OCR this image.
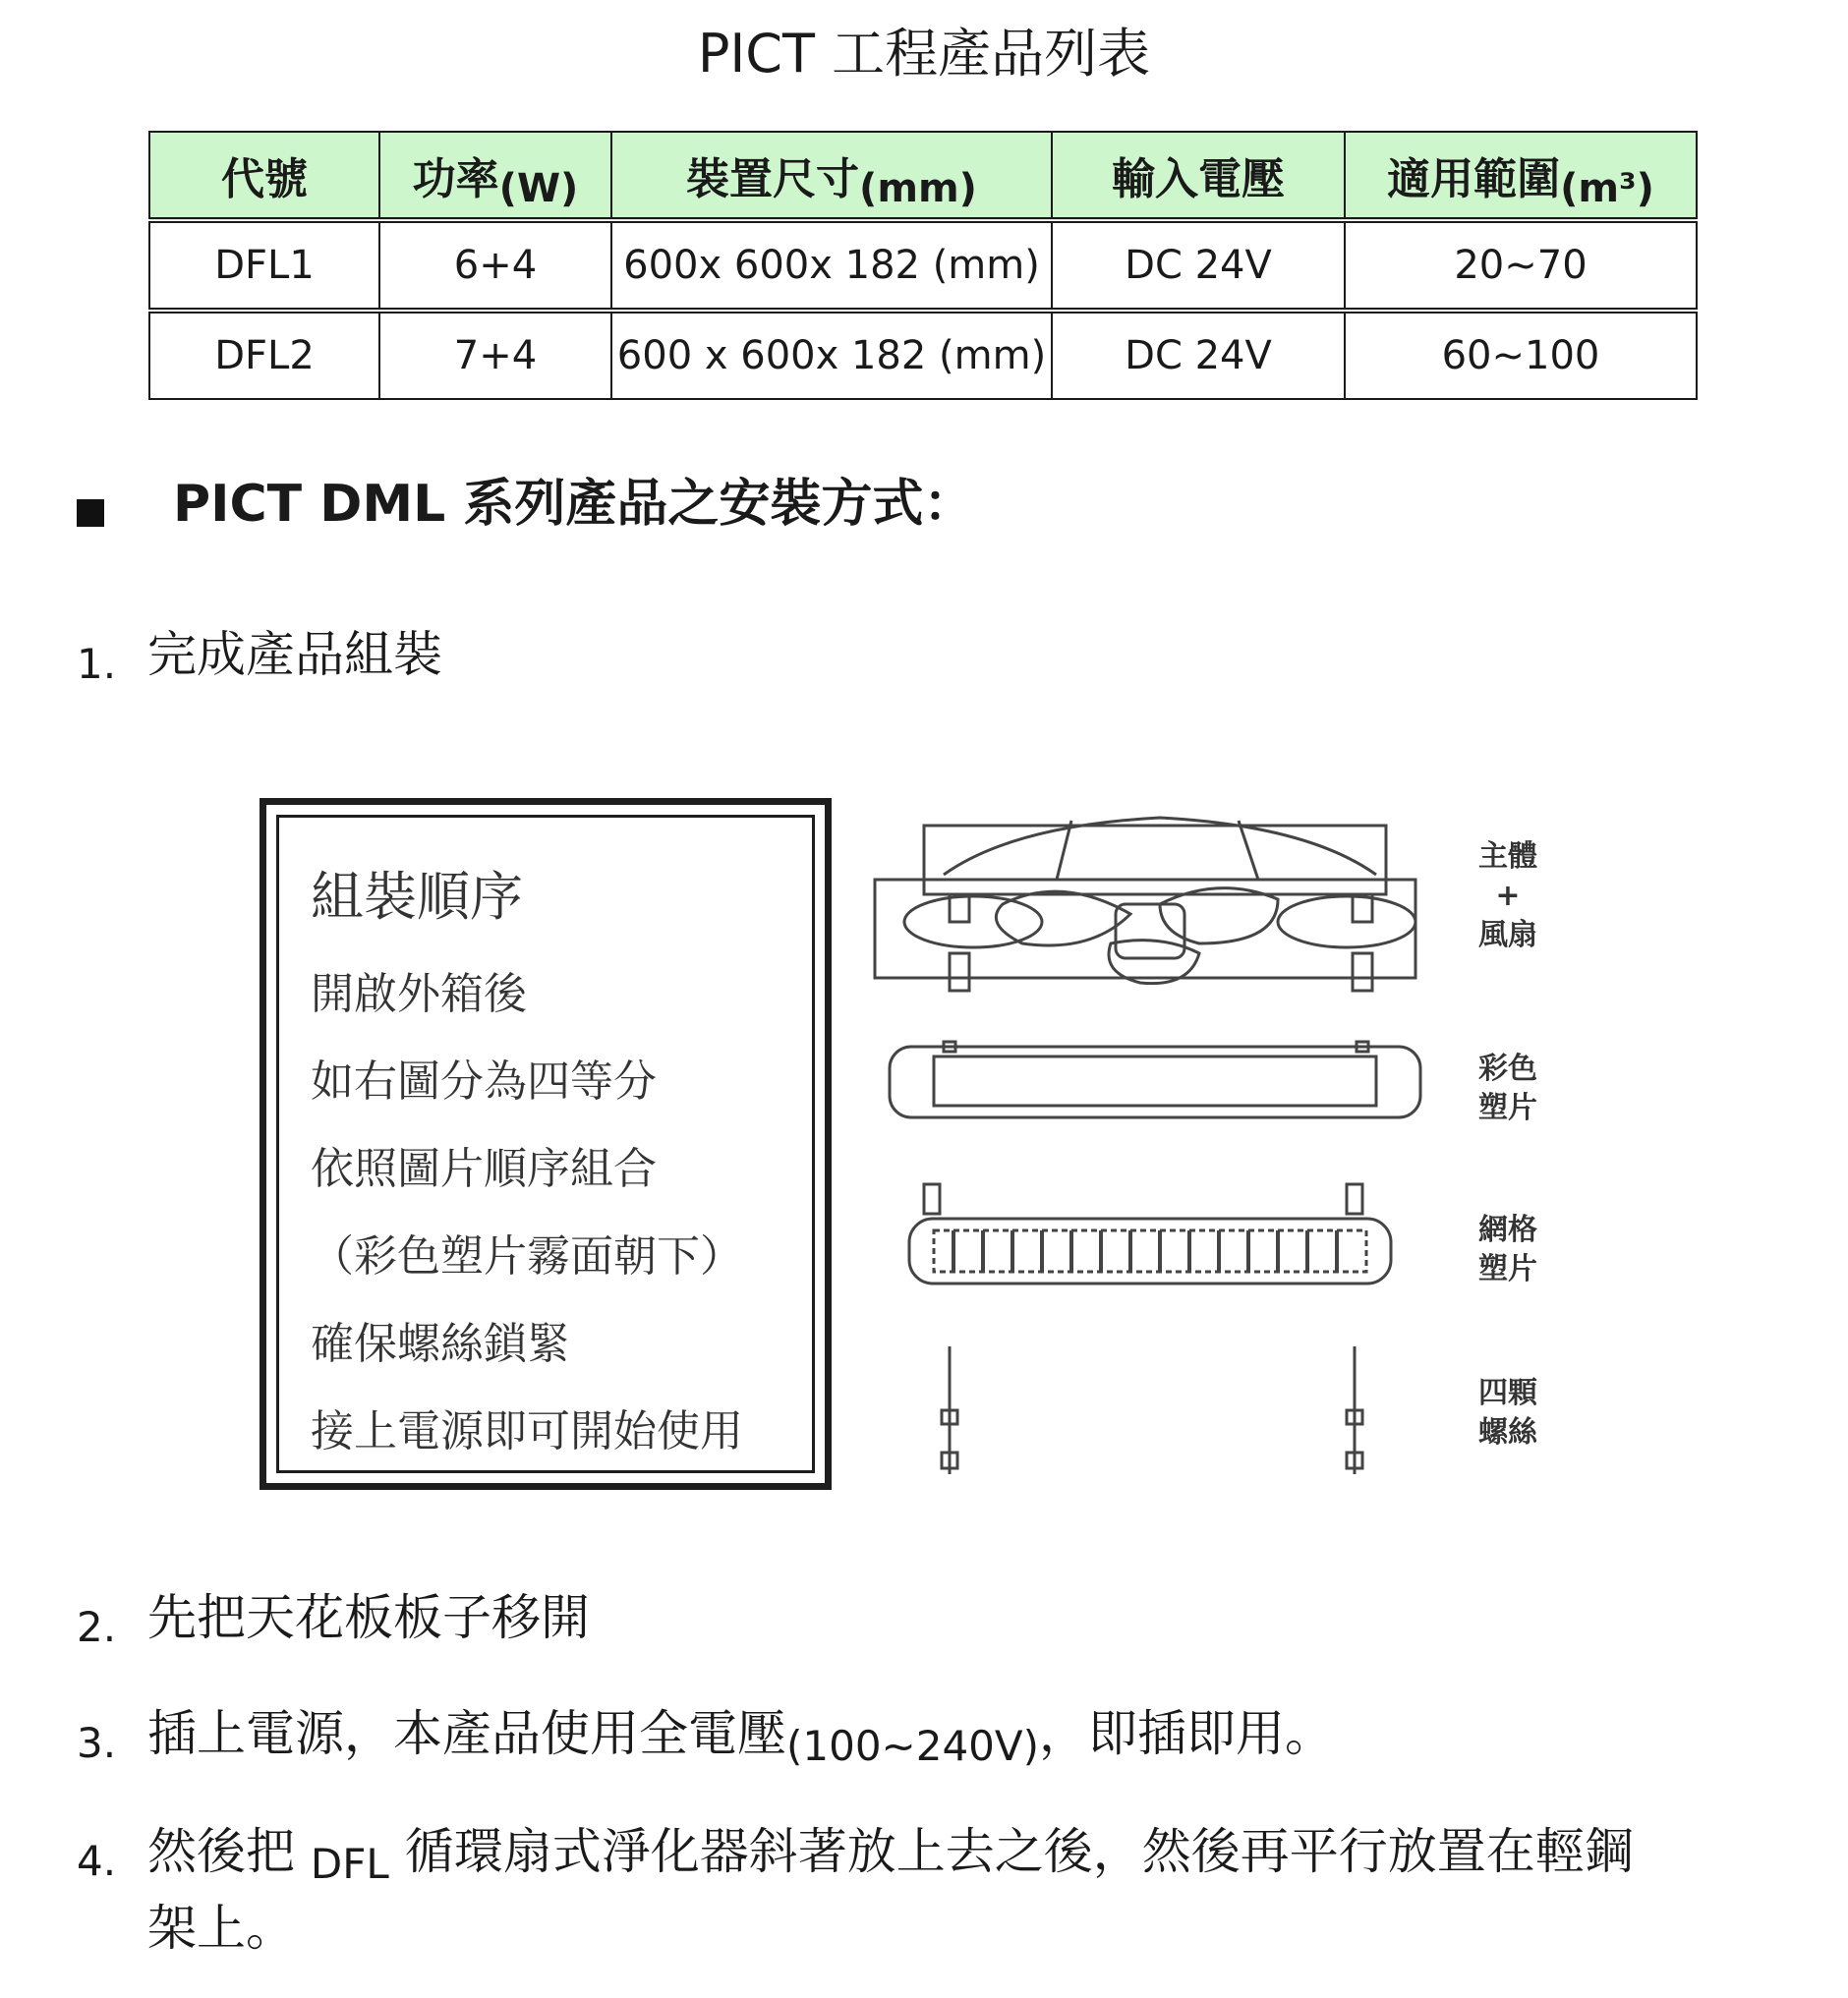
PICT 工程產品列表
代號	功率(W)	裝置尺寸(mm)	輸入電壓	適用範圍(m³)
DFL1	6+4	600x 600x 182 (mm)	DC 24V	20~70
DFL2	7+4	600 x 600x 182 (mm)	DC 24V	60~100
PICT DML 系列產品之安裝方式：
1. 完成產品組裝
組裝順序
開啟外箱後
如右圖分為四等分
依照圖片順序組合
（彩色塑片霧面朝下）
確保螺絲鎖緊
接上電源即可開始使用
主體
+
風扇
彩色
塑片
網格
塑片
四顆
螺絲
2. 先把天花板板子移開
3. 插上電源，本產品使用全電壓$_{(100\sim 240V)}$，即插即用。
4. 然後把 $_{DFL}$ 循環扇式淨化器斜著放上去之後，然後再平行放置在輕鋼
架上。
